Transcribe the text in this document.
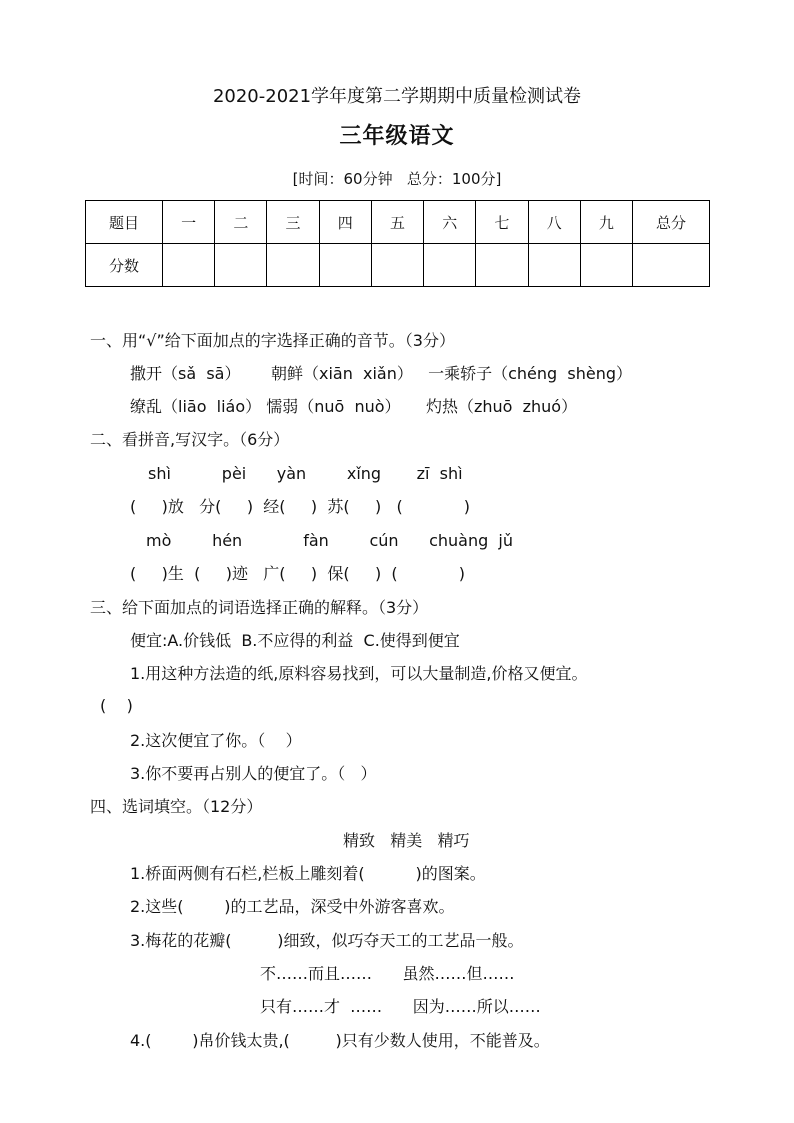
2020-2021学年度第二学期期中质量检测试卷
三年级语文
[时间：60分钟   总分：100分]
题目	一	二	三	四	五	六	七	八	九	总分
分数										
一、用“√”给下面加点的字选择正确的音节。（3分）
撒开（sǎ  sā）      朝鲜（xiān  xiǎn）   一乘轿子（chéng  shèng）
缭乱（liāo  liáo） 懦弱（nuō  nuò）     灼热（zhuō  zhuó）
二、看拼音,写汉字。（6分）
shì          pèi      yàn        xǐng       zī  shì
(     )放   分(     )  经(     )  苏(     )   (            )
mò        hén            fàn        cún      chuàng  jǔ
(     )生  (     )迹   广(     )  保(     )  (            )
三、给下面加点的词语选择正确的解释。（3分）
便宜:A.价钱低  B.不应得的利益  C.使得到便宜
1.用这种方法造的纸,原料容易找到，可以大量制造,价格又便宜。
(    )
2.这次便宜了你。（    ）
3.你不要再占别人的便宜了。（   ）
四、选词填空。（12分）
精致   精美   精巧
1.桥面两侧有石栏,栏板上雕刻着(          )的图案。
2.这些(        )的工艺品，深受中外游客喜欢。
3.梅花的花瓣(         )细致，似巧夺天工的工艺品一般。
不……而且……      虽然……但……
只有……才  ……      因为……所以……
4.(        )帛价钱太贵,(         )只有少数人使用，不能普及。
